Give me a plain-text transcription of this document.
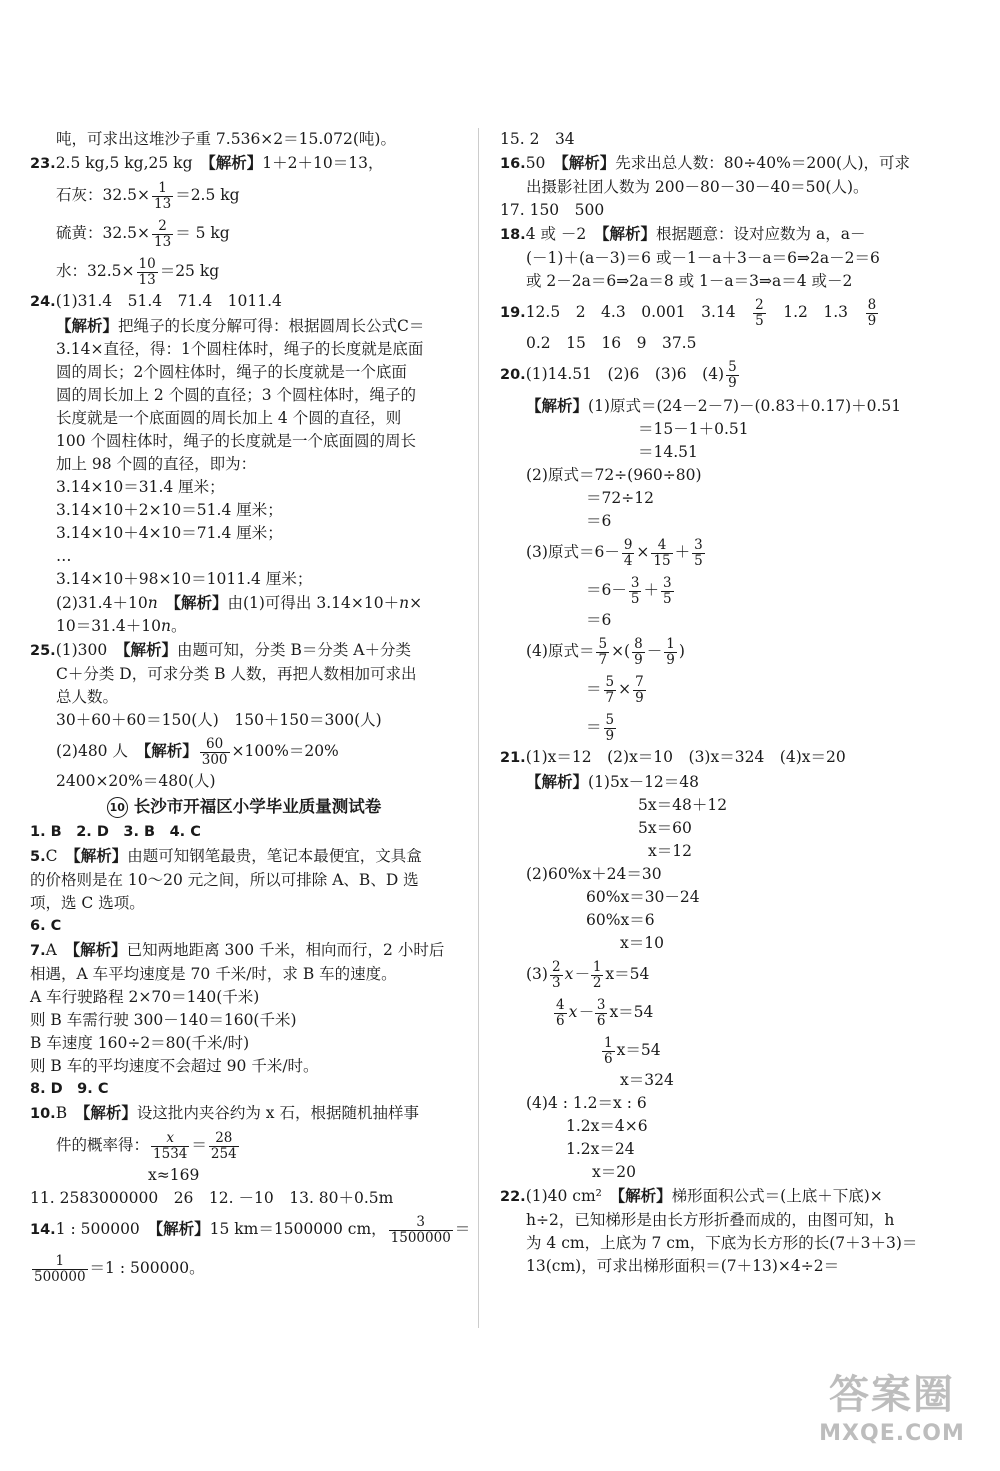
吨，可求出这堆沙子重 7.536×2＝15.072(吨)。
23.2.5 kg,5 kg,25 kg　 【解析】1＋2＋10＝13，
石灰：$32.5\times \frac{1}{13} =2.5$ kg
硫黄：$32.5\times \frac{2}{13} = 5$ kg
水：$32.5\times \frac{10}{13} =25$ kg
24.(1)31.4　51.4　71.4　1011.4
【解析】把绳子的长度分解可得：根据圆周长公式C＝
3.14×直径，得：1个圆柱体时，绳子的长度就是底面
圆的周长；2个圆柱体时，绳子的长度就是一个底面
圆的周长加上 2 个圆的直径；3 个圆柱体时，绳子的
长度就是一个底面圆的周长加上 4 个圆的直径，则
100 个圆柱体时，绳子的长度就是一个底面圆的周长
加上 98 个圆的直径，即为：
3.14×10＝31.4 厘米；
3.14×10＋2×10＝51.4 厘米；
3.14×10＋4×10＝71.4 厘米；
…
3.14×10＋98×10＝1011.4 厘米；
(2)31.4＋10n　 【解析】由(1)可得出 3.14×10＋n×
10＝31.4＋10n。
25.(1)300　 【解析】由题可知，分类 B＝分类 A＋分类
C＋分类 D，可求分类 B 人数，再把人数相加可求出
总人数。
30＋60＋60＝150(人)　150＋150＝300(人)
(2)480 人　 【解析】 $\frac{60}{300} \times 100\%=20\%$
2400×20%＝480(人)
10 长沙市开福区小学毕业质量测试卷
1. B　2. D　3. B　4. C
5.C　 【解析】由题可知钢笔最贵，笔记本最便宜，文具盒
的价格则是在 10～20 元之间，所以可排除 A、B、D 选
项，选 C 选项。
6. C
7.A　 【解析】已知两地距离 300 千米，相向而行，2 小时后
相遇，A 车平均速度是 70 千米/时，求 B 车的速度。
A 车行驶路程 2×70＝140(千米)
则 B 车需行驶 300－140＝160(千米)
B 车速度 160÷2＝80(千米/时)
则 B 车的平均速度不会超过 90 千米/时。
8. D　9. C
10.B　 【解析】设这批内夹谷约为 x 石，根据随机抽样事
件的概率得： $\frac{x}{1534} = \frac{28}{254}$
x≈169
11. 2583000000　26　12. －10　13. 80＋0.5m
14.1 : 500000　 【解析】15 km＝1500000 cm， $\frac{3}{1500000}$ ＝
$\frac{1}{500000} =1$ : 500000。
15. 2　34
16.50　 【解析】先求出总人数：80÷40%＝200(人)，可求
出摄影社团人数为 200－80－30－40＝50(人)。
17. 150　500
18.4 或 －2　 【解析】根据题意：设对应数为 a，a－
(－1)＋(a－3)＝6 或－1－a＋3－a＝6⇒2a－2＝6
或 2－2a＝6⇒2a＝8 或 1－a＝3⇒a＝4 或－2
19.12.5　2　4.3　0.001　3.14　 $\frac{2}{5}$
　 1.2　1.3　 $\frac{8}{9}$
0.2　15　16　9　37.5
20.(1)14.51　(2)6　(3)6　$(4) \frac{5}{9}$
【解析】(1)原式＝(24－2－7)－(0.83＋0.17)＋0.51
＝15－1＋0.51
＝14.51
(2)原式＝72÷(960÷80)
＝72÷12
＝6
(3)原式$=6- \frac{9}{4} \times \frac{4}{15} + \frac{3}{5}$
$=6- \frac{3}{5} + \frac{3}{5}$
＝6
(4)原式＝ $\frac{5}{7}$ ×( $\frac{8}{9} - \frac{1}{9}$ )
＝ $\frac{5}{7} \times \frac{7}{9}$
＝ $\frac{5}{9}$
21.(1)x＝12　(2)x＝10　(3)x＝324　(4)x＝20
【解析】(1)5x－12＝48
5x＝48＋12
5x＝60
x＝12
(2)60%x＋24＝30
60%x＝30－24
60%x＝6
x＝10
$(3) \frac{2}{3} x- \frac{1}{2} x=54$
$\frac{4}{6} x- \frac{3}{6} x=54$
$\frac{1}{6} x=54$
x＝324
(4)4 : 1.2＝x : 6
1.2x＝4×6
1.2x＝24
x＝20
22.(1)40 cm²　 【解析】梯形面积公式＝(上底＋下底)×
h÷2，已知梯形是由长方形折叠而成的，由图可知，h
为 4 cm，上底为 7 cm，下底为长方形的长(7＋3＋3)＝
13(cm)，可求出梯形面积＝(7＋13)×4÷2＝
答案圈
MXQE.COM
